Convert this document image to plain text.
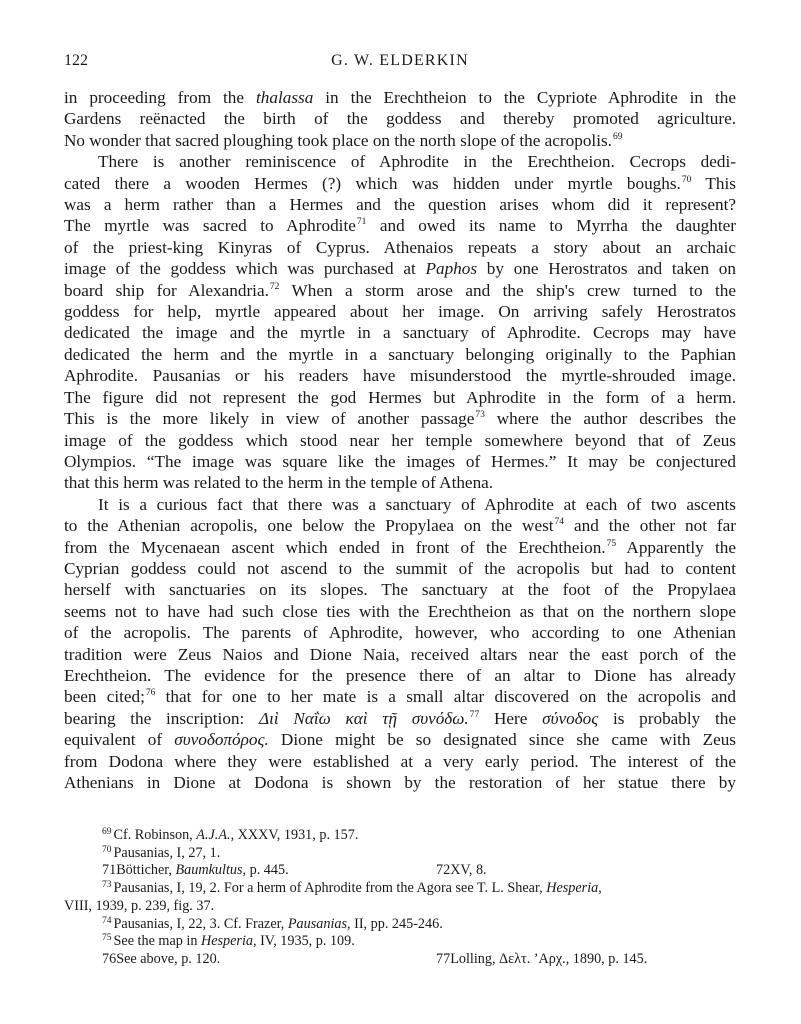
122	G. W. ELDERKIN
in proceeding from the thalassa in the Erechtheion to the Cypriote Aphrodite in the
Gardens reënacted the birth of the goddess and thereby promoted agriculture.
No wonder that sacred ploughing took place on the north slope of the acropolis.$^{69}$
There is another reminiscence of Aphrodite in the Erechtheion. Cecrops dedi-
cated there a wooden Hermes (?) which was hidden under myrtle boughs.$^{70}$ This
was a herm rather than a Hermes and the question arises whom did it represent?
The myrtle was sacred to Aphrodite$^{71}$ and owed its name to Myrrha the daughter
of the priest-king Kinyras of Cyprus. Athenaios repeats a story about an archaic
image of the goddess which was purchased at Paphos by one Herostratos and taken on
board ship for Alexandria.$^{72}$ When a storm arose and the ship's crew turned to the
goddess for help, myrtle appeared about her image. On arriving safely Herostratos
dedicated the image and the myrtle in a sanctuary of Aphrodite. Cecrops may have
dedicated the herm and the myrtle in a sanctuary belonging originally to the Paphian
Aphrodite. Pausanias or his readers have misunderstood the myrtle-shrouded image.
The figure did not represent the god Hermes but Aphrodite in the form of a herm.
This is the more likely in view of another passage$^{73}$ where the author describes the
image of the goddess which stood near her temple somewhere beyond that of Zeus
Olympios. “The image was square like the images of Hermes.” It may be conjectured
that this herm was related to the herm in the temple of Athena.
It is a curious fact that there was a sanctuary of Aphrodite at each of two ascents
to the Athenian acropolis, one below the Propylaea on the west$^{74}$ and the other not far
from the Mycenaean ascent which ended in front of the Erechtheion.$^{75}$ Apparently the
Cyprian goddess could not ascend to the summit of the acropolis but had to content
herself with sanctuaries on its slopes. The sanctuary at the foot of the Propylaea
seems not to have had such close ties with the Erechtheion as that on the northern slope
of the acropolis. The parents of Aphrodite, however, who according to one Athenian
tradition were Zeus Naios and Dione Naia, received altars near the east porch of the
Erechtheion. The evidence for the presence there of an altar to Dione has already
been cited;$^{76}$ that for one to her mate is a small altar discovered on the acropolis and
bearing the inscription: Διὶ Ναΐω καὶ τῇ συνόδω.$^{77}$ Here σύνοδος is probably the
equivalent of συνοδοπόρος. Dione might be so designated since she came with Zeus
from Dodona where they were established at a very early period. The interest of the
Athenians in Dione at Dodona is shown by the restoration of her statue there by
$^{69}$ Cf. Robinson, A.J.A., XXXV, 1931, p. 157.
$^{70}$ Pausanias, I, 27, 1.
71Bötticher, Baumkultus, p. 445.	72XV, 8.
$^{73}$ Pausanias, I, 19, 2. For a herm of Aphrodite from the Agora see T. L. Shear, Hesperia,
VIII, 1939, p. 239, fig. 37.
$^{74}$ Pausanias, I, 22, 3. Cf. Frazer, Pausanias, II, pp. 245-246.
$^{75}$ See the map in Hesperia, IV, 1935, p. 109.
76See above, p. 120.	77Lolling, Δελτ. ’Αρχ., 1890, p. 145.
